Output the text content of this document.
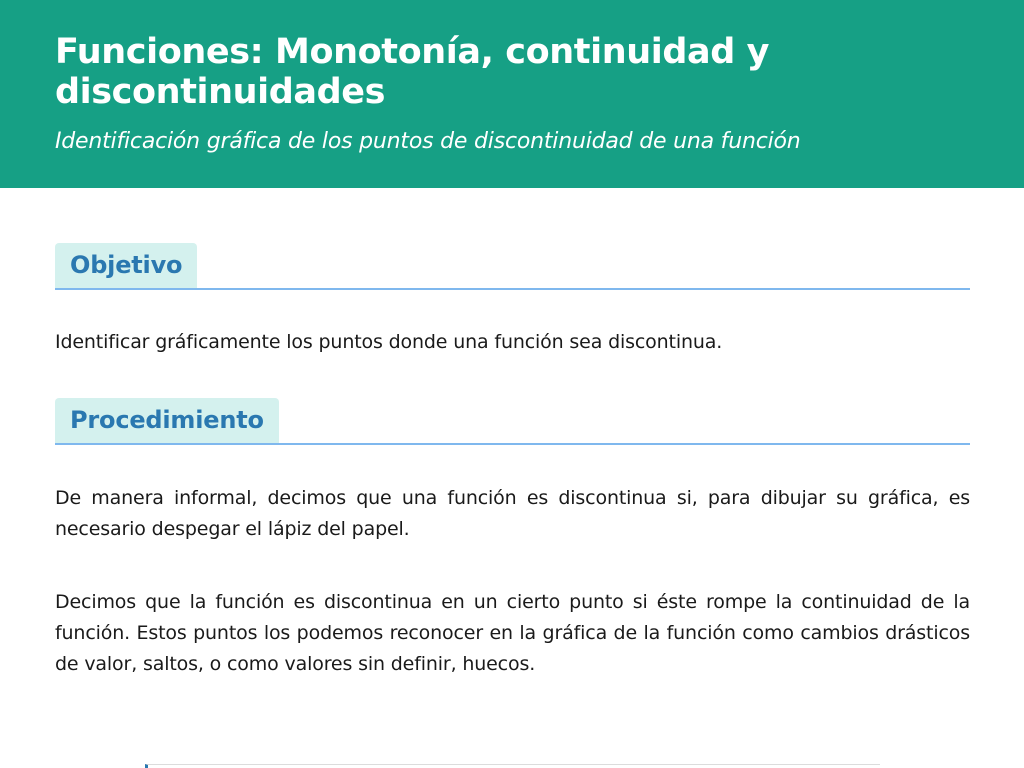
Funciones: Monotonía, continuidad y discontinuidades

Identificación gráfica de los puntos de discontinuidad de una función

Objetivo

Identificar gráficamente los puntos donde una función sea discontinua.

Procedimiento

De manera informal, decimos que una función es discontinua si, para dibujar su gráfica, es necesario despegar el lápiz del papel.

Decimos que la función es discontinua en un cierto punto si éste rompe la continuidad de la función. Estos puntos los podemos reconocer en la gráfica de la función como cambios drásticos de valor, saltos, o como valores sin definir, huecos.
